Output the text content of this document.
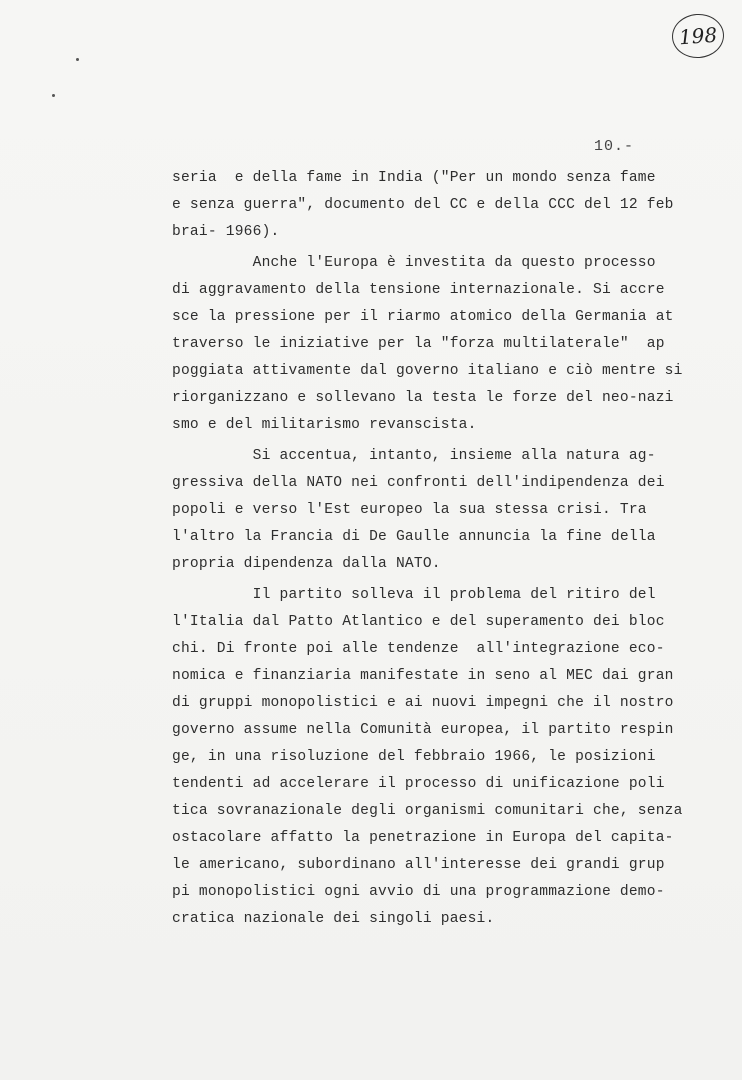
198
10.-
seria  e della fame in India ("Per un mondo senza fame
e senza guerra", documento del CC e della CCC del 12 feb
brai- 1966).
Anche l'Europa è investita da questo processo
di aggravamento della tensione internazionale. Si accre
sce la pressione per il riarmo atomico della Germania at
traverso le iniziative per la "forza multilaterale"  ap
poggiata attivamente dal governo italiano e ciò mentre si
riorganizzano e sollevano la testa le forze del neo-nazi
smo e del militarismo revanscista.
Si accentua, intanto, insieme alla natura ag-
gressiva della NATO nei confronti dell'indipendenza dei
popoli e verso l'Est europeo la sua stessa crisi. Tra
l'altro la Francia di De Gaulle annuncia la fine della
propria dipendenza dalla NATO.
Il partito solleva il problema del ritiro del
l'Italia dal Patto Atlantico e del superamento dei bloc
chi. Di fronte poi alle tendenze  all'integrazione eco-
nomica e finanziaria manifestate in seno al MEC dai gran
di gruppi monopolistici e ai nuovi impegni che il nostro
governo assume nella Comunità europea, il partito respin
ge, in una risoluzione del febbraio 1966, le posizioni
tendenti ad accelerare il processo di unificazione poli
tica sovranazionale degli organismi comunitari che, senza
ostacolare affatto la penetrazione in Europa del capita-
le americano, subordinano all'interesse dei grandi grup
pi monopolistici ogni avvio di una programmazione demo-
cratica nazionale dei singoli paesi.
